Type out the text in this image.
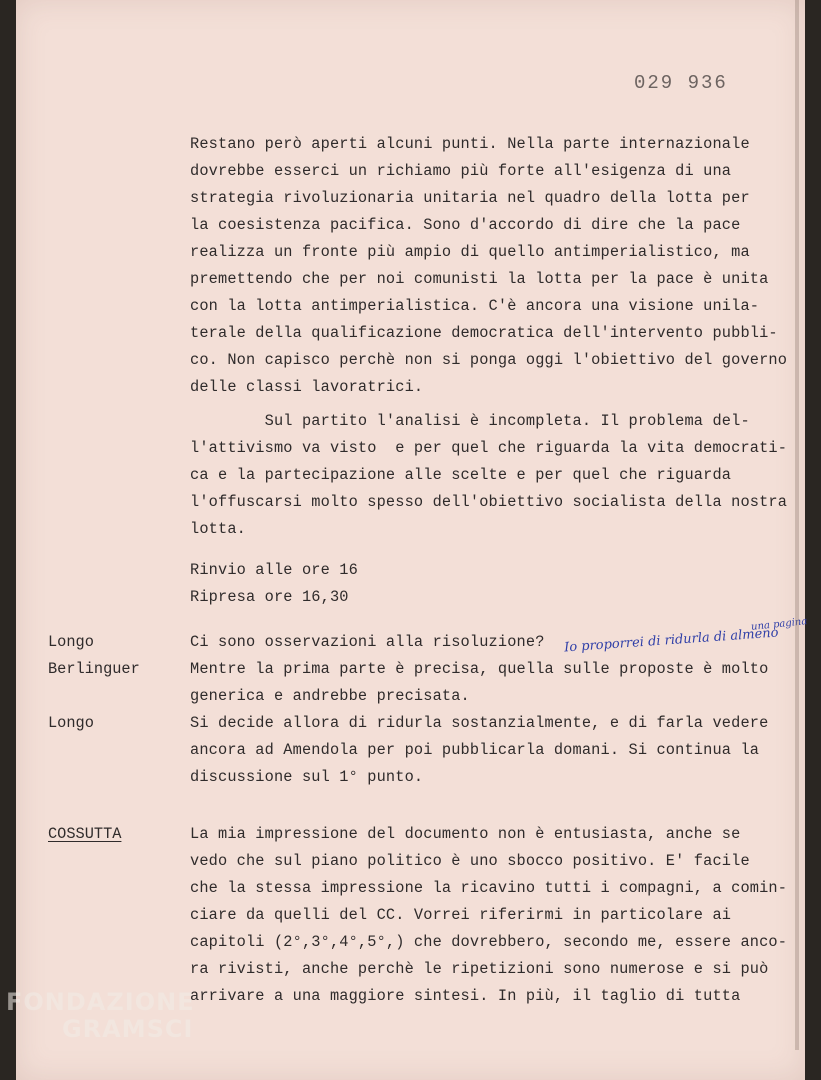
029 936
Restano però aperti alcuni punti. Nella parte internazionale
dovrebbe esserci un richiamo più forte all'esigenza di una
strategia rivoluzionaria unitaria nel quadro della lotta per
la coesistenza pacifica. Sono d'accordo di dire che la pace
realizza un fronte più ampio di quello antimperialistico, ma
premettendo che per noi comunisti la lotta per la pace è unita
con la lotta antimperialistica. C'è ancora una visione unila-
terale della qualificazione democratica dell'intervento pubbli-
co. Non capisco perchè non si ponga oggi l'obiettivo del governo
delle classi lavoratrici.
Sul partito l'analisi è incompleta. Il problema del-
l'attivismo va visto  e per quel che riguarda la vita democrati-
ca e la partecipazione alle scelte e per quel che riguarda
l'offuscarsi molto spesso dell'obiettivo socialista della nostra
lotta.
Rinvio alle ore 16
Ripresa ore 16,30
Longo	Ci sono osservazioni alla risoluzione?
una pagina
Io proporrei di ridurla di almeno
Berlinguer	Mentre la prima parte è precisa, quella sulle proposte è molto
generica e andrebbe precisata.
Longo	Si decide allora di ridurla sostanzialmente, e di farla vedere
ancora ad Amendola per poi pubblicarla domani. Si continua la
discussione sul 1° punto.
COSSUTTA	La mia impressione del documento non è entusiasta, anche se
vedo che sul piano politico è uno sbocco positivo. E' facile
che la stessa impressione la ricavino tutti i compagni, a comin-
ciare da quelli del CC. Vorrei riferirmi in particolare ai
capitoli (2°,3°,4°,5°,) che dovrebbero, secondo me, essere anco-
ra rivisti, anche perchè le ripetizioni sono numerose e si può
arrivare a una maggiore sintesi. In più, il taglio di tutta
FONDAZIONE
GRAMSCI
